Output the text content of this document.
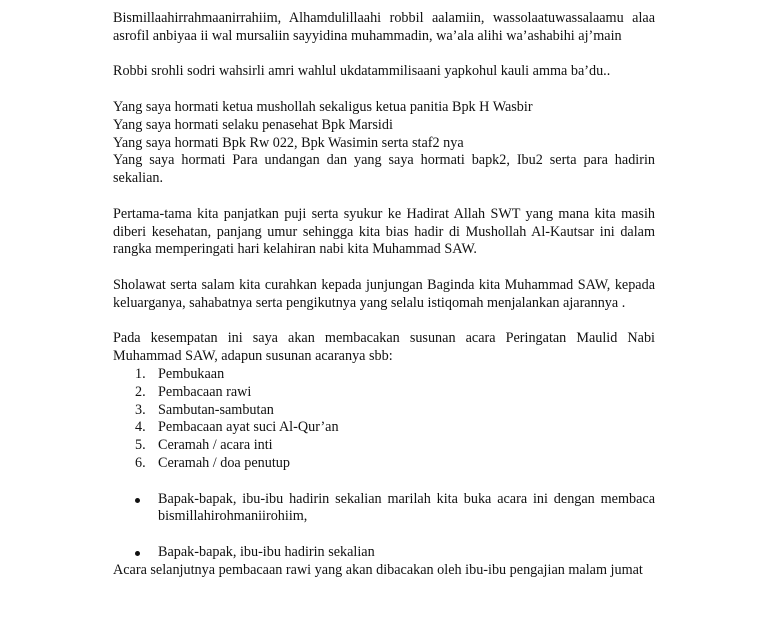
Bismillaahirrahmaanirrahiim, Alhamdulillaahi robbil aalamiin, wassolaatuwassalaamu alaa asrofil anbiyaa ii wal mursaliin sayyidina muhammadin, wa’ala alihi wa’ashabihi aj’main

Robbi srohli sodri wahsirli amri wahlul ukdatammilisaani yapkohul kauli amma ba’du..

Yang saya hormati ketua mushollah sekaligus ketua panitia Bpk H Wasbir

Yang saya hormati selaku penasehat Bpk Marsidi

Yang saya hormati Bpk Rw 022, Bpk Wasimin serta staf2 nya

Yang saya hormati Para undangan dan yang saya hormati bapk2, Ibu2 serta para hadirin sekalian.

Pertama-tama kita panjatkan puji serta syukur ke Hadirat Allah SWT yang mana kita masih diberi kesehatan, panjang umur sehingga kita bias hadir di Musholla​h Al-Kautsar ini dalam rangka memperingati hari kelahiran nabi kita Muhammad SAW.

Sholawat serta salam kita curahkan kepada junjungan Baginda kita Muhammad SAW, kepada keluarganya, sahabatnya serta pengikutnya yang selalu istiqomah menjalankan ajarannya .

Pada kesempatan ini saya akan membacakan susunan acara Peringatan Maulid Nabi Muhammad SAW, adapun susunan acaranya sbb:

1. Pembukaan
2. Pembacaan rawi
3. Sambutan-sambutan
4. Pembacaan ayat suci Al-Qur’an
5. Ceramah / acara inti
6. Ceramah / doa penutup
Bapak-bapak, ibu-ibu hadirin sekalian marilah kita buka acara ini dengan membaca bismillahirohmaniirohiim,
Bapak-bapak, ibu-ibu hadirin sekalian

Acara selanjutnya pembacaan rawi yang akan dibacakan oleh ibu-ibu pengajian malam jumat
